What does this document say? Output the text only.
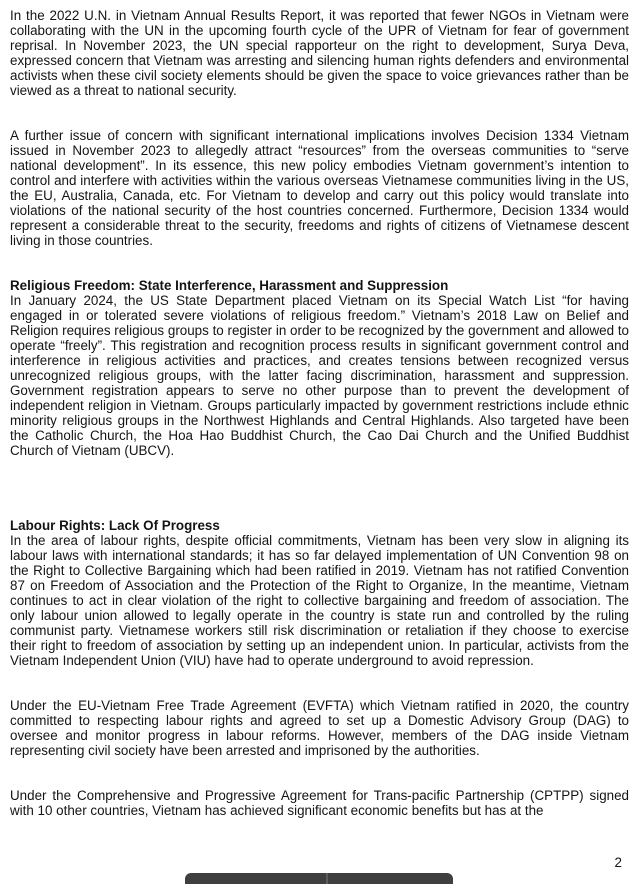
In the 2022 U.N. in Vietnam Annual Results Report, it was reported that fewer NGOs in Vietnam were collaborating with the UN in the upcoming fourth cycle of the UPR of Vietnam for fear of government reprisal. In November 2023, the UN special rapporteur on the right to development, Surya Deva, expressed concern that Vietnam was arresting and silencing human rights defenders and environmental activists when these civil society elements should be given the space to voice grievances rather than be viewed as a threat to national security.

A further issue of concern with significant international implications involves Decision 1334 Vietnam issued in November 2023 to allegedly attract “resources” from the overseas communities to “serve national development”. In its essence, this new policy embodies Vietnam government’s intention to control and interfere with activities within the various overseas Vietnamese communities living in the US, the EU, Australia, Canada, etc. For Vietnam to develop and carry out this policy would translate into violations of the national security of the host countries concerned. Furthermore, Decision 1334 would represent a considerable threat to the security, freedoms and rights of citizens of Vietnamese descent living in those countries.

Religious Freedom: State Interference, Harassment and Suppression

In January 2024, the US State Department placed Vietnam on its Special Watch List “for having engaged in or tolerated severe violations of religious freedom.” Vietnam’s 2018 Law on Belief and Religion requires religious groups to register in order to be recognized by the government and allowed to operate “freely”. This registration and recognition process results in significant government control and interference in religious activities and practices, and creates tensions between recognized versus unrecognized religious groups, with the latter facing discrimination, harassment and suppression. Government registration appears to serve no other purpose than to prevent the development of independent religion in Vietnam. Groups particularly impacted by government restrictions include ethnic minority religious groups in the Northwest Highlands and Central Highlands. Also targeted have been the Catholic Church, the Hoa Hao Buddhist Church, the Cao Dai Church and the Unified Buddhist Church of Vietnam (UBCV).

Labour Rights: Lack Of Progress

In the area of labour rights, despite official commitments, Vietnam has been very slow in aligning its labour laws with international standards; it has so far delayed implementation of UN Convention 98 on the Right to Collective Bargaining which had been ratified in 2019. Vietnam has not ratified Convention 87 on Freedom of Association and the Protection of the Right to Organize, In the meantime, Vietnam continues to act in clear violation of the right to collective bargaining and freedom of association. The only labour union allowed to legally operate in the country is state run and controlled by the ruling communist party. Vietnamese workers still risk discrimination or retaliation if they choose to exercise their right to freedom of association by setting up an independent union. In particular, activists from the Vietnam Independent Union (VIU) have had to operate underground to avoid repression.

Under the EU-Vietnam Free Trade Agreement (EVFTA) which Vietnam ratified in 2020, the country committed to respecting labour rights and agreed to set up a Domestic Advisory Group (DAG) to oversee and monitor progress in labour reforms. However, members of the DAG inside Vietnam representing civil society have been arrested and imprisoned by the authorities.

Under the Comprehensive and Progressive Agreement for Trans-pacific Partnership (CPTPP) signed with 10 other countries, Vietnam has achieved significant economic benefits but has at the

2
